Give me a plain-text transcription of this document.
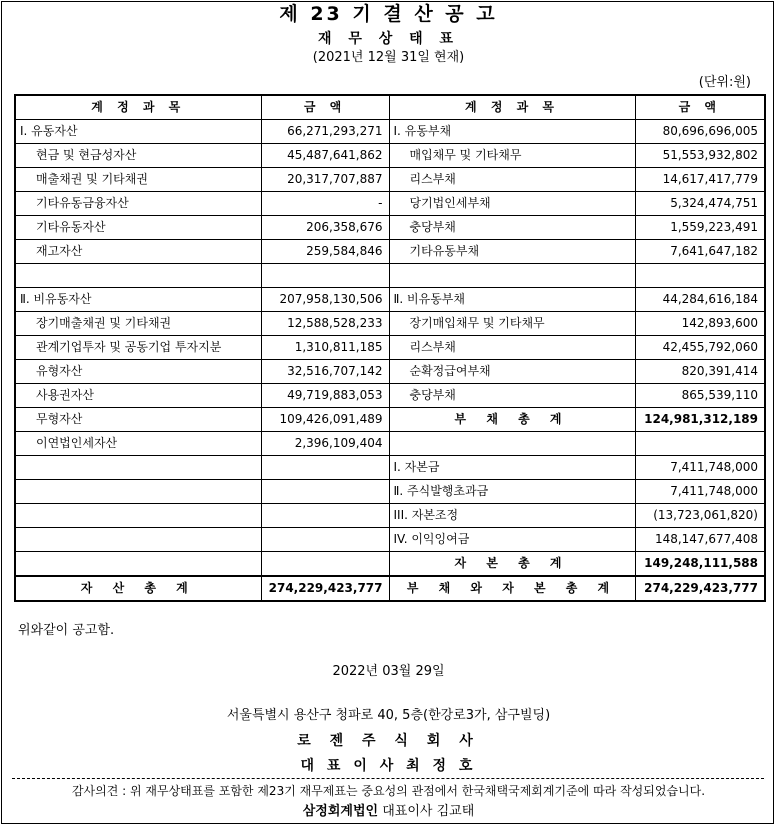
제 23 기 결 산 공 고
재 무 상 태 표
(2021년 12월 31일 현재)
(단위:원)
계 정 과 목	금 액	계 정 과 목	금 액
Ⅰ. 유동자산	66,271,293,271	Ⅰ. 유동부채	80,696,696,005
현금 및 현금성자산	45,487,641,862	매입채무 및 기타채무	51,553,932,802
매출채권 및 기타채권	20,317,707,887	리스부채	14,617,417,779
기타유동금융자산	-	당기법인세부채	5,324,474,751
기타유동자산	206,358,676	충당부채	1,559,223,491
재고자산	259,584,846	기타유동부채	7,641,647,182

Ⅱ. 비유동자산	207,958,130,506	Ⅱ. 비유동부채	44,284,616,184
장기매출채권 및 기타채권	12,588,528,233	장기매입채무 및 기타채무	142,893,600
관계기업투자 및 공동기업 투자지분	1,310,811,185	리스부채	42,455,792,060
유형자산	32,516,707,142	순확정급여부채	820,391,414
사용권자산	49,719,883,053	충당부채	865,539,110
무형자산	109,426,091,489	부 채 총 계	124,981,312,189
이연법인세자산	2,396,109,404		
		Ⅰ. 자본금	7,411,748,000
		Ⅱ. 주식발행초과금	7,411,748,000
		III. 자본조정	(13,723,061,820)
		IV. 이익잉여금	148,147,677,408
		자 본 총 계	149,248,111,588
자 산 총 계	274,229,423,777	부 채 와 자 본 총 계	274,229,423,777
위와같이 공고함.
2022년 03월 29일
서울특별시 용산구 청파로 40, 5층(한강로3가, 삼구빌딩)
로 젠 주 식 회 사
대 표 이 사 최 정 호
감사의견 : 위 재무상태표를 포함한 제23기 재무제표는 중요성의 관점에서 한국채택국제회계기준에 따라 작성되었습니다.
삼정회계법인 대표이사 김교태
